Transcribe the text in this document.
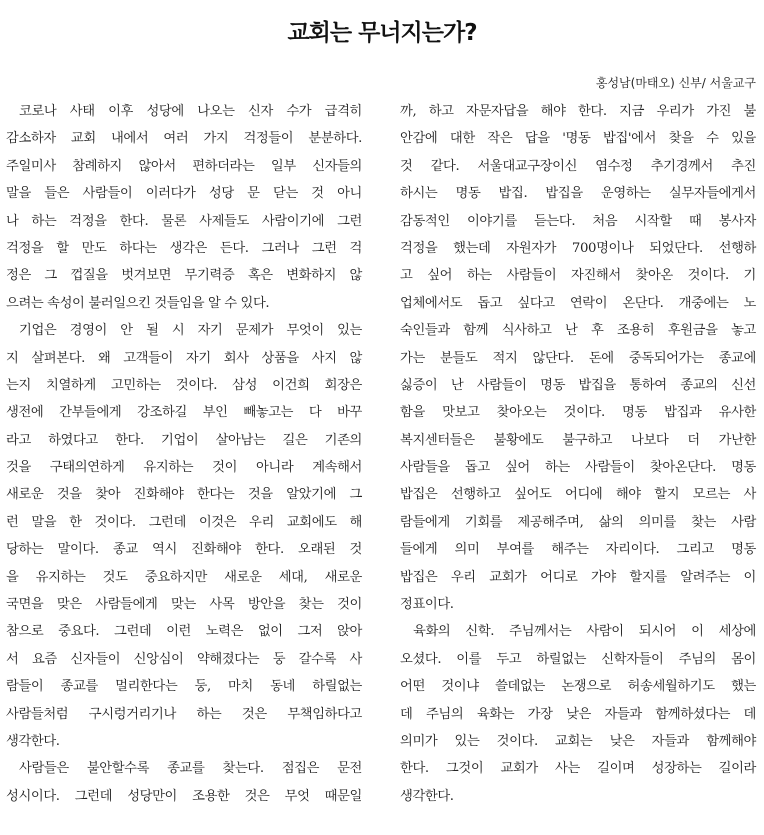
교회는 무너지는가?
홍성남(마태오) 신부/ 서울교구
코로나 사태 이후 성당에 나오는 신자 수가 급격히
감소하자 교회 내에서 여러 가지 걱정들이 분분하다.
주일미사 참례하지 않아서 편하더라는 일부 신자들의
말을 들은 사람들이 이러다가 성당 문 닫는 것 아니
나 하는 걱정을 한다. 물론 사제들도 사람이기에 그런
걱정을 할 만도 하다는 생각은 든다. 그러나 그런 걱
정은 그 껍질을 벗겨보면 무기력증 혹은 변화하지 않
으려는 속성이 불러일으킨 것들임을 알 수 있다.
기업은 경영이 안 될 시 자기 문제가 무엇이 있는
지 살펴본다. 왜 고객들이 자기 회사 상품을 사지 않
는지 치열하게 고민하는 것이다. 삼성 이건희 회장은
생전에 간부들에게 강조하길 부인 빼놓고는 다 바꾸
라고 하였다고 한다. 기업이 살아남는 길은 기존의
것을 구태의연하게 유지하는 것이 아니라 계속해서
새로운 것을 찾아 진화해야 한다는 것을 알았기에 그
런 말을 한 것이다. 그런데 이것은 우리 교회에도 해
당하는 말이다. 종교 역시 진화해야 한다. 오래된 것
을 유지하는 것도 중요하지만 새로운 세대, 새로운
국면을 맞은 사람들에게 맞는 사목 방안을 찾는 것이
참으로 중요다. 그런데 이런 노력은 없이 그저 앉아
서 요즘 신자들이 신앙심이 약해졌다는 둥 갈수록 사
람들이 종교를 멀리한다는 둥, 마치 동네 하릴없는
사람들처럼 구시렁거리기나 하는 것은 무책임하다고
생각한다.
사람들은 불안할수록 종교를 찾는다. 점집은 문전
성시이다. 그런데 성당만이 조용한 것은 무엇 때문일
까, 하고 자문자답을 해야 한다. 지금 우리가 가진 불
안감에 대한 작은 답을 '명동 밥집'에서 찾을 수 있을
것 같다. 서울대교구장이신 염수정 추기경께서 추진
하시는 명동 밥집. 밥집을 운영하는 실무자들에게서
감동적인 이야기를 듣는다. 처음 시작할 때 봉사자
걱정을 했는데 자원자가 700명이나 되었단다. 선행하
고 싶어 하는 사람들이 자진해서 찾아온 것이다. 기
업체에서도 돕고 싶다고 연락이 온단다. 개중에는 노
숙인들과 함께 식사하고 난 후 조용히 후원금을 놓고
가는 분들도 적지 않단다. 돈에 중독되어가는 종교에
싫증이 난 사람들이 명동 밥집을 통하여 종교의 신선
함을 맛보고 찾아오는 것이다. 명동 밥집과 유사한
복지센터들은 불황에도 불구하고 나보다 더 가난한
사람들을 돕고 싶어 하는 사람들이 찾아온단다. 명동
밥집은 선행하고 싶어도 어디에 해야 할지 모르는 사
람들에게 기회를 제공해주며, 삶의 의미를 찾는 사람
들에게 의미 부여를 해주는 자리이다. 그리고 명동
밥집은 우리 교회가 어디로 가야 할지를 알려주는 이
정표이다.
육화의 신학. 주님께서는 사람이 되시어 이 세상에
오셨다. 이를 두고 하릴없는 신학자들이 주님의 몸이
어떤 것이냐 쓸데없는 논쟁으로 허송세월하기도 했는
데 주님의 육화는 가장 낮은 자들과 함께하셨다는 데
의미가 있는 것이다. 교회는 낮은 자들과 함께해야
한다. 그것이 교회가 사는 길이며 성장하는 길이라
생각한다.
